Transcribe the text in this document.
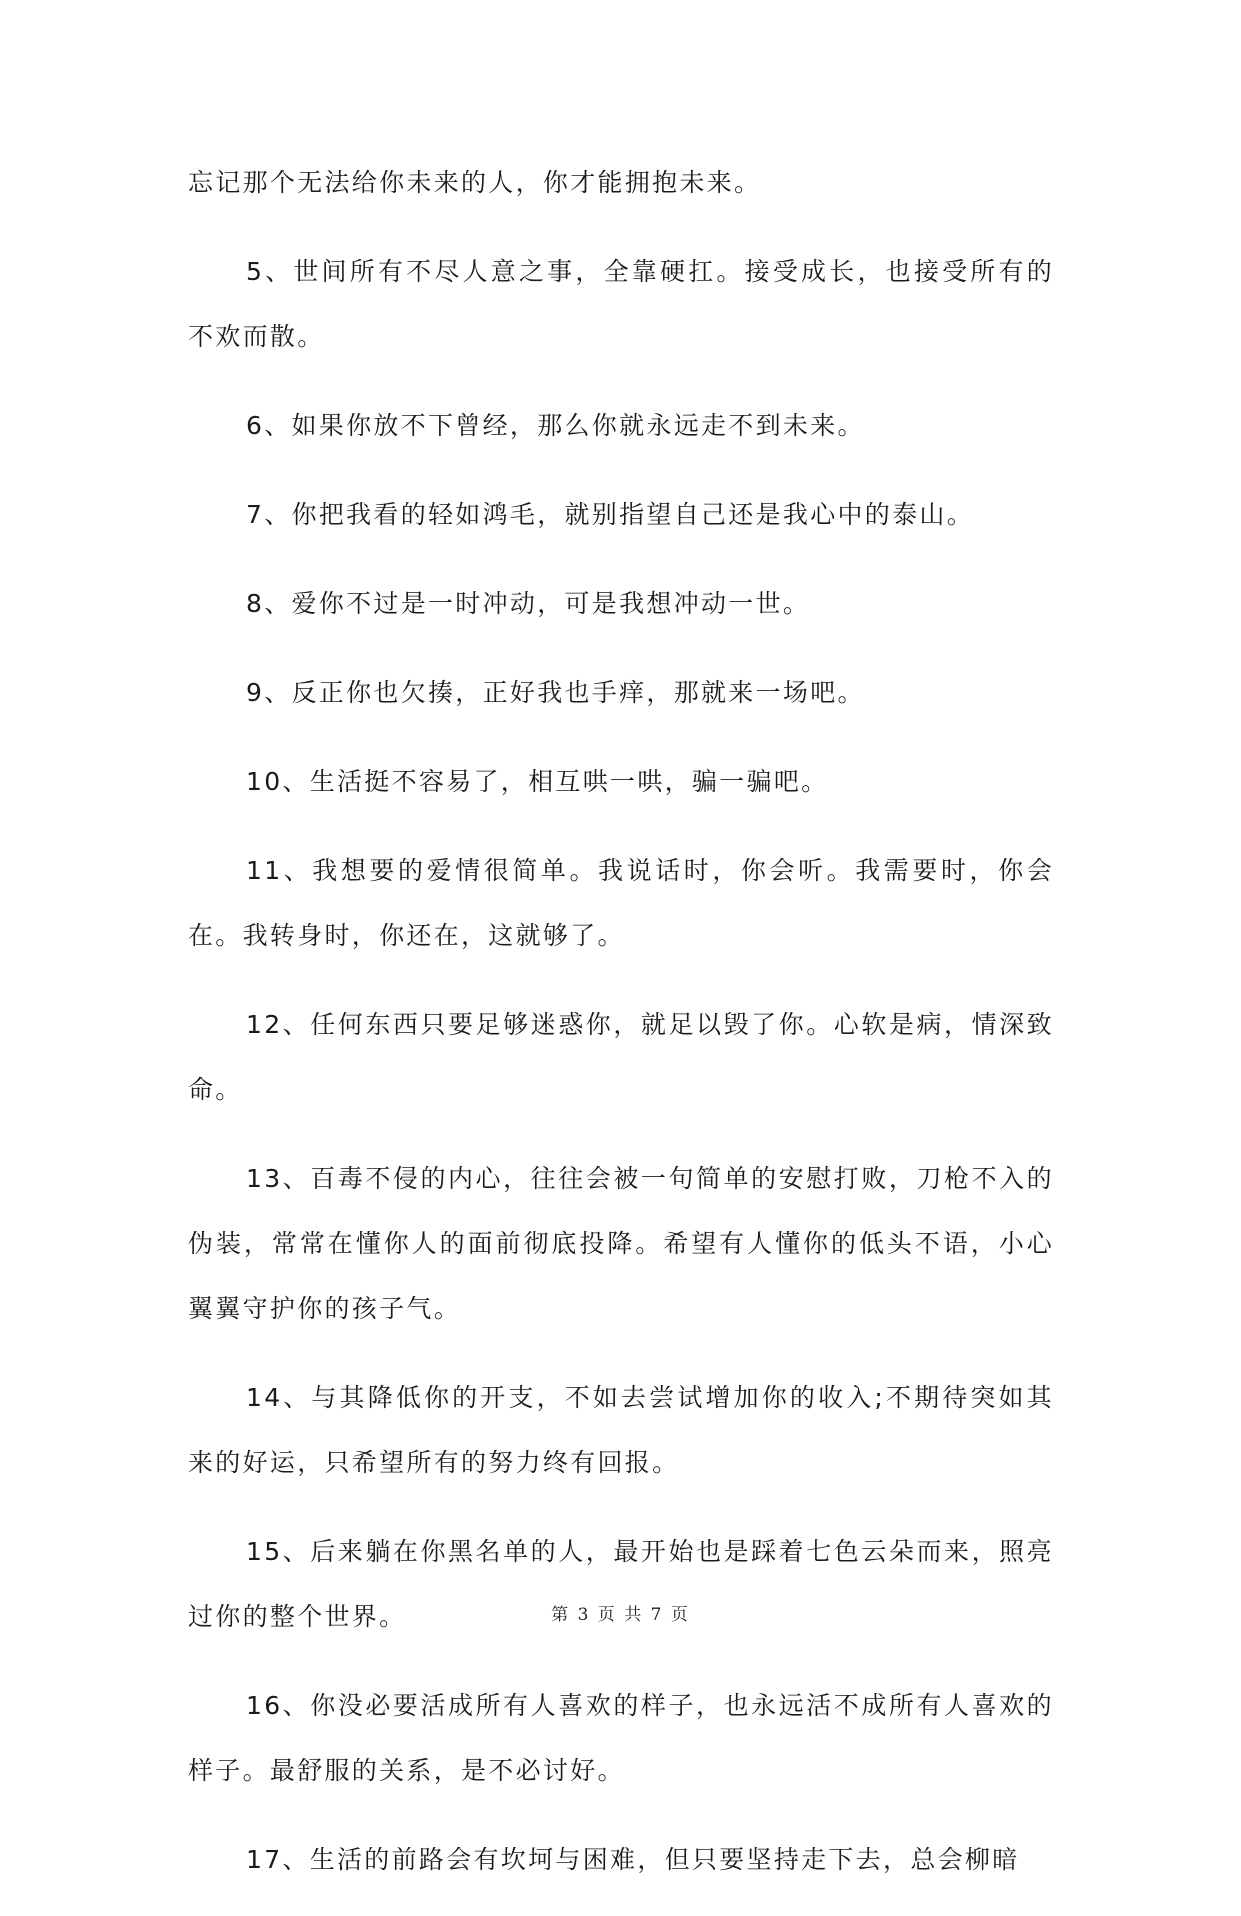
忘记那个无法给你未来的人，你才能拥抱未来。

5、世间所有不尽人意之事，全靠硬扛。接受成长，也接受所有的不欢而散。

6、如果你放不下曾经，那么你就永远走不到未来。

7、你把我看的轻如鸿毛，就别指望自己还是我心中的泰山。

8、爱你不过是一时冲动，可是我想冲动一世。

9、反正你也欠揍，正好我也手痒，那就来一场吧。

10、生活挺不容易了，相互哄一哄，骗一骗吧。

11、我想要的爱情很简单。我说话时，你会听。我需要时，你会在。我转身时，你还在，这就够了。

12、任何东西只要足够迷惑你，就足以毁了你。心软是病，情深致命。

13、百毒不侵的内心，往往会被一句简单的安慰打败，刀枪不入的伪装，常常在懂你人的面前彻底投降。希望有人懂你的低头不语，小心翼翼守护你的孩子气。

14、与其降低你的开支，不如去尝试增加你的收入;不期待突如其来的好运，只希望所有的努力终有回报。

15、后来躺在你黑名单的人，最开始也是踩着七色云朵而来，照亮过你的整个世界。

16、你没必要活成所有人喜欢的样子，也永远活不成所有人喜欢的样子。最舒服的关系，是不必讨好。

17、生活的前路会有坎坷与困难，但只要坚持走下去，总会柳暗

第 3 页 共 7 页
